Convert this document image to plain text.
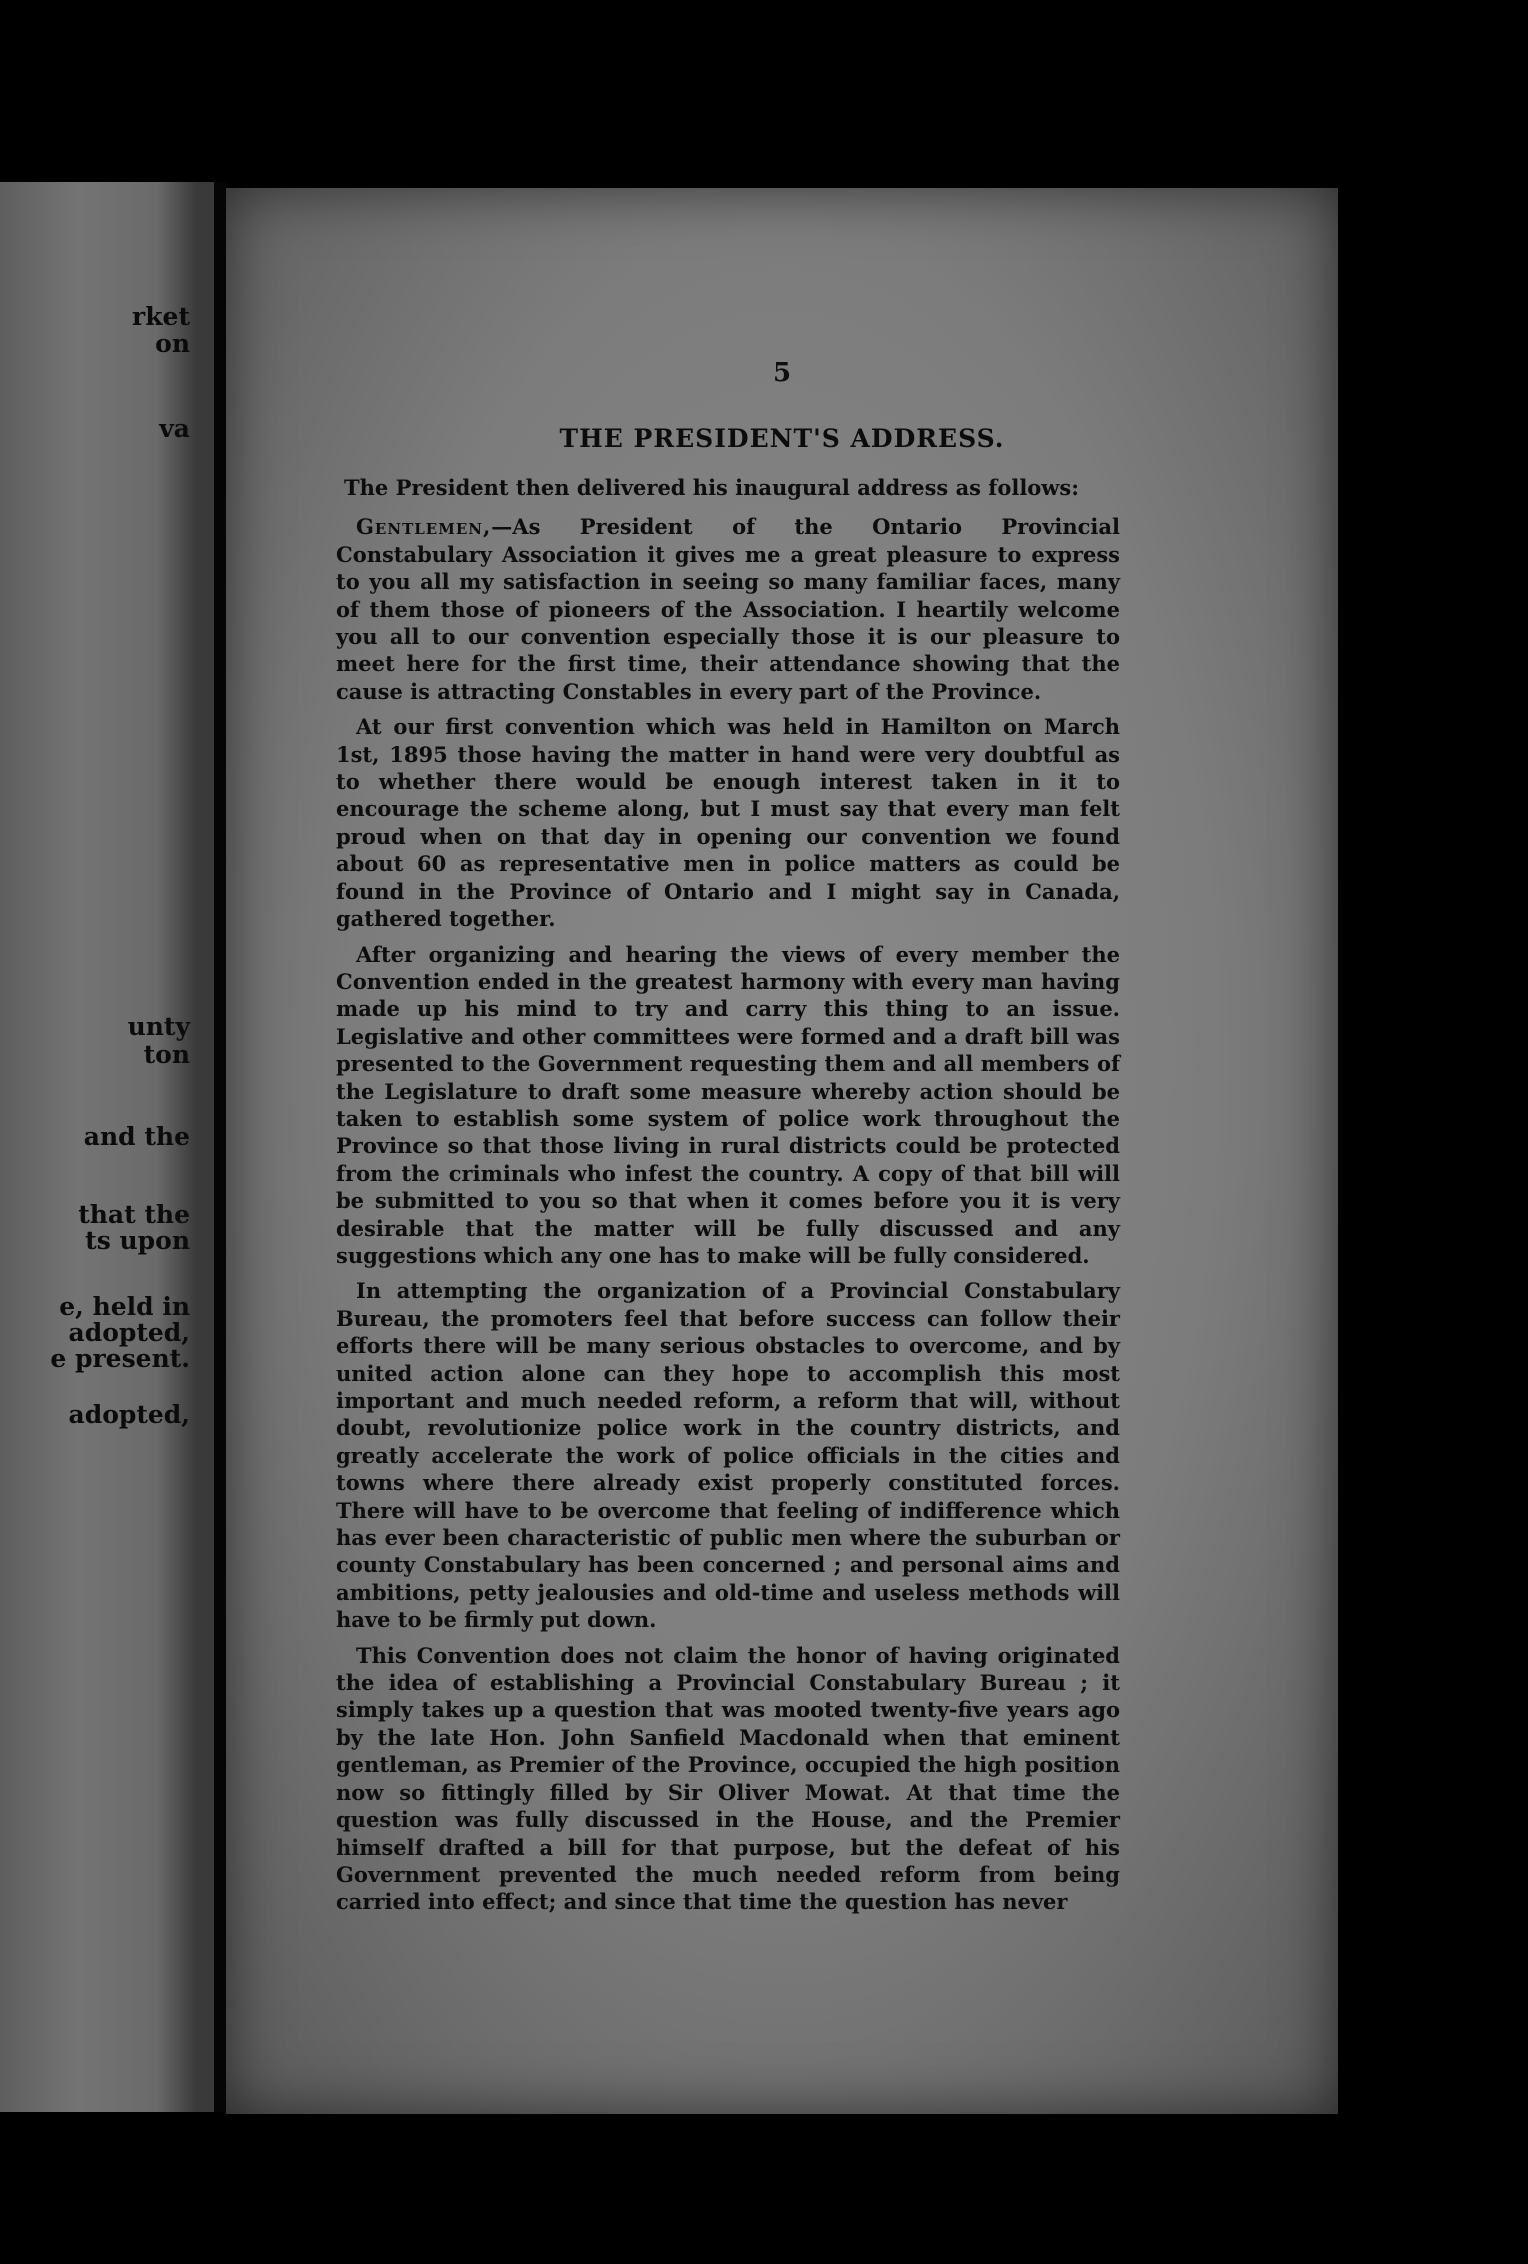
rket
on
va
unty
ton
and the
that the
ts upon
e, held in
adopted,
e present.
adopted,
5
THE PRESIDENT'S ADDRESS.

The President then delivered his inaugural address as follows:

Gentlemen,—As President of the Ontario Provincial Constabulary Association it gives me a great pleasure to express to you all my satisfaction in seeing so many familiar faces, many of them those of pioneers of the Association. I heartily welcome you all to our convention especially those it is our pleasure to meet here for the first time, their attendance showing that the cause is attracting Constables in every part of the Province.

At our first convention which was held in Hamilton on March 1st, 1895 those having the matter in hand were very doubtful as to whether there would be enough interest taken in it to encourage the scheme along, but I must say that every man felt proud when on that day in opening our convention we found about 60 as representative men in police matters as could be found in the Province of Ontario and I might say in Canada, gathered together.

After organizing and hearing the views of every member the Convention ended in the greatest harmony with every man having made up his mind to try and carry this thing to an issue. Legislative and other committees were formed and a draft bill was presented to the Government requesting them and all members of the Legislature to draft some measure whereby action should be taken to establish some system of police work throughout the Province so that those living in rural districts could be protected from the criminals who infest the country. A copy of that bill will be submitted to you so that when it comes before you it is very desirable that the matter will be fully discussed and any suggestions which any one has to make will be fully considered.

In attempting the organization of a Provincial Constabulary Bureau, the promoters feel that before success can follow their efforts there will be many serious obstacles to overcome, and by united action alone can they hope to accomplish this most important and much needed reform, a reform that will, without doubt, revolutionize police work in the country districts, and greatly accelerate the work of police officials in the cities and towns where there already exist properly constituted forces. There will have to be overcome that feeling of indifference which has ever been characteristic of public men where the suburban or county Constabulary has been concerned ; and personal aims and ambitions, petty jealousies and old-time and useless methods will have to be firmly put down.

This Convention does not claim the honor of having originated the idea of establishing a Provincial Constabulary Bureau ; it simply takes up a question that was mooted twenty-five years ago by the late Hon. John Sanfield Macdonald when that eminent gentleman, as Premier of the Province, occupied the high position now so fittingly filled by Sir Oliver Mowat. At that time the question was fully discussed in the House, and the Premier himself drafted a bill for that purpose, but the defeat of his Government prevented the much needed reform from being carried into effect; and since that time the question has never
